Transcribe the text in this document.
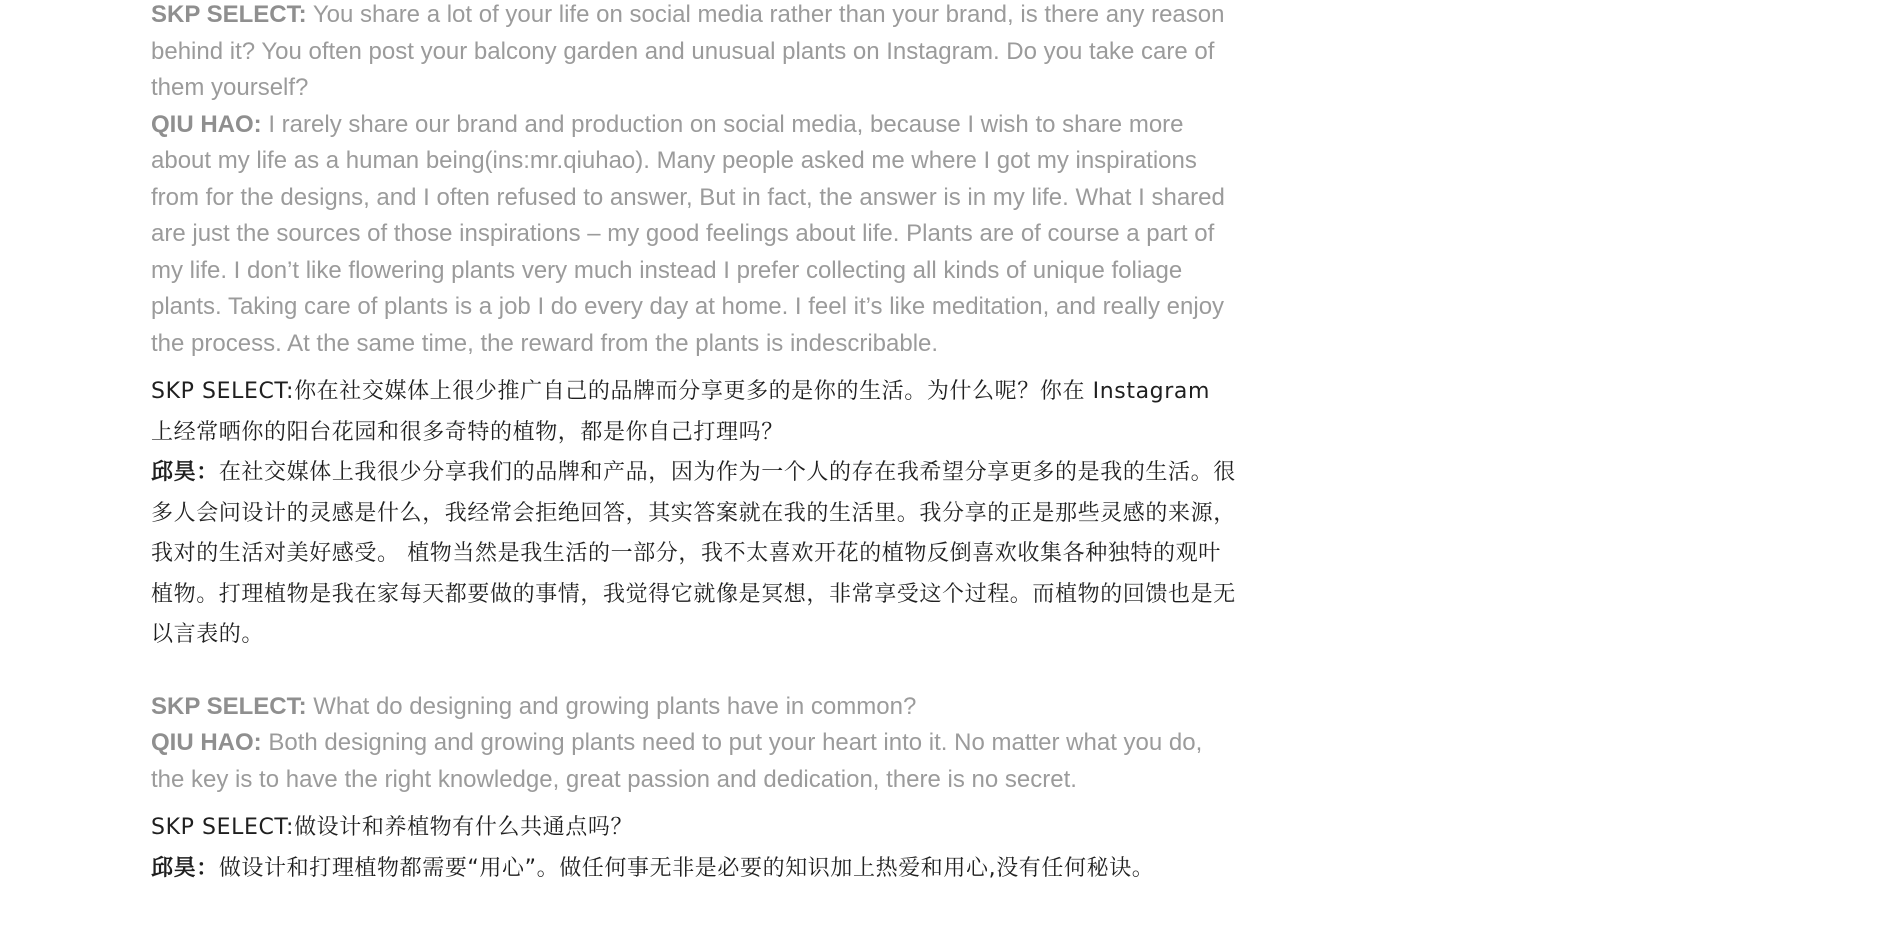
SKP SELECT: You share a lot of your life on social media rather than your brand, is there any reason behind it? You often post your balcony garden and unusual plants on Instagram. Do you take care of them yourself?

QIU HAO: I rarely share our brand and production on social media, because I wish to share more about my life as a human being(ins:mr.qiuhao). Many people asked me where I got my inspirations from for the designs, and I often refused to answer, But in fact, the answer is in my life. What I shared are just the sources of those inspirations – my good feelings about life. Plants are of course a part of my life. I don’t like flowering plants very much instead I prefer collecting all kinds of unique foliage plants. Taking care of plants is a job I do every day at home. I feel it’s like meditation, and really enjoy the process. At the same time, the reward from the plants is indescribable.

SKP SELECT:你在社交媒体上很少推广自己的品牌而分享更多的是你的生活。为什么呢？你在 Instagram 上经常晒你的阳台花园和很多奇特的植物，都是你自己打理吗？

邱昊：在社交媒体上我很少分享我们的品牌和产品，因为作为一个人的存在我希望分享更多的是我的生活。很多人会问设计的灵感是什么，我经常会拒绝回答，其实答案就在我的生活里。我分享的正是那些灵感的来源，我对的生活对美好感受。 植物当然是我生活的一部分，我不太喜欢开花的植物反倒喜欢收集各种独特的观叶植物。打理植物是我在家每天都要做的事情，我觉得它就像是冥想，非常享受这个过程。而植物的回馈也是无以言表的。

SKP SELECT: What do designing and growing plants have in common?

QIU HAO: Both designing and growing plants need to put your heart into it. No matter what you do, the key is to have the right knowledge, great passion and dedication, there is no secret.

SKP SELECT:做设计和养植物有什么共通点吗？

邱昊：做设计和打理植物都需要“用心”。做任何事无非是必要的知识加上热爱和用心,没有任何秘诀。
